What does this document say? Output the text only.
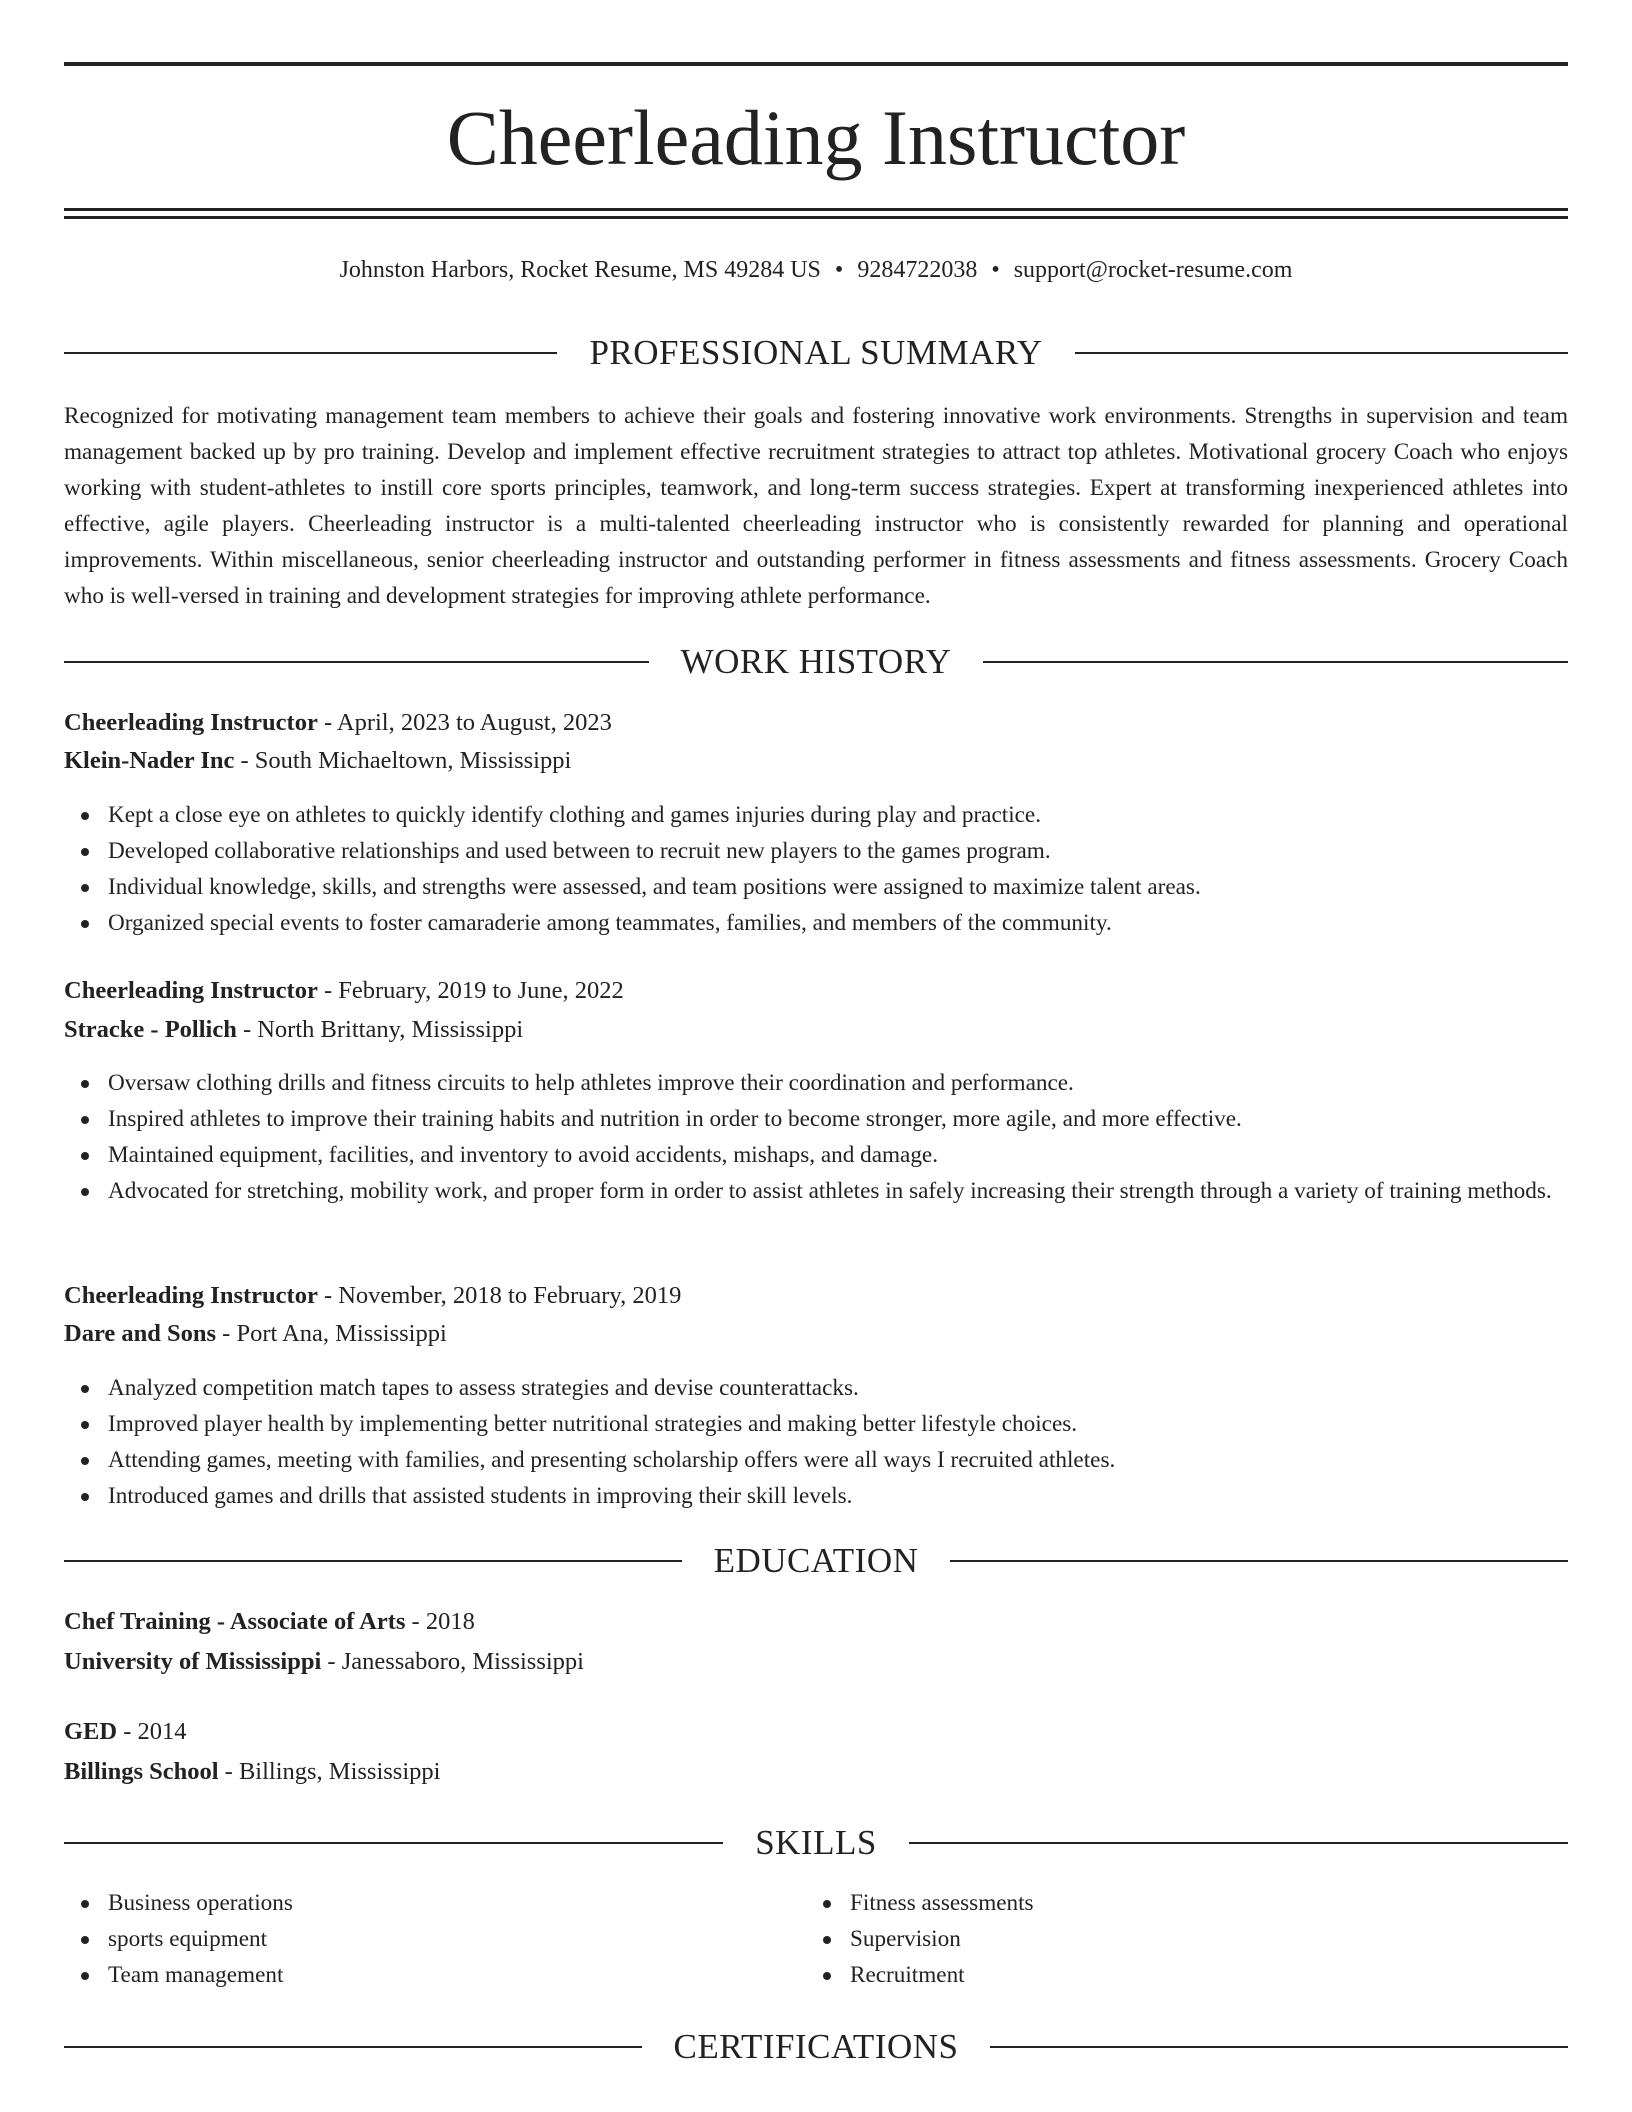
Cheerleading Instructor
Johnston Harbors, Rocket Resume, MS 49284 US • 9284722038 • support@rocket-resume.com
PROFESSIONAL SUMMARY
Recognized for motivating management team members to achieve their goals and fostering innovative work environments. Strengths in supervision and team management backed up by pro training. Develop and implement effective recruitment strategies to attract top athletes. Motivational grocery Coach who enjoys working with student-athletes to instill core sports principles, teamwork, and long-term success strategies. Expert at transforming inexperienced athletes into effective, agile players. Cheerleading instructor is a multi-talented cheerleading instructor who is consistently rewarded for planning and operational improvements. Within miscellaneous, senior cheerleading instructor and outstanding performer in fitness assessments and fitness assessments. Grocery Coach who is well-versed in training and development strategies for improving athlete performance.
WORK HISTORY
Cheerleading Instructor - April, 2023 to August, 2023
Klein-Nader Inc - South Michaeltown, Mississippi
Kept a close eye on athletes to quickly identify clothing and games injuries during play and practice.
Developed collaborative relationships and used between to recruit new players to the games program.
Individual knowledge, skills, and strengths were assessed, and team positions were assigned to maximize talent areas.
Organized special events to foster camaraderie among teammates, families, and members of the community.
Cheerleading Instructor - February, 2019 to June, 2022
Stracke - Pollich - North Brittany, Mississippi
Oversaw clothing drills and fitness circuits to help athletes improve their coordination and performance.
Inspired athletes to improve their training habits and nutrition in order to become stronger, more agile, and more effective.
Maintained equipment, facilities, and inventory to avoid accidents, mishaps, and damage.
Advocated for stretching, mobility work, and proper form in order to assist athletes in safely increasing their strength through a variety of training methods.
Cheerleading Instructor - November, 2018 to February, 2019
Dare and Sons - Port Ana, Mississippi
Analyzed competition match tapes to assess strategies and devise counterattacks.
Improved player health by implementing better nutritional strategies and making better lifestyle choices.
Attending games, meeting with families, and presenting scholarship offers were all ways I recruited athletes.
Introduced games and drills that assisted students in improving their skill levels.
EDUCATION
Chef Training - Associate of Arts - 2018
University of Mississippi - Janessaboro, Mississippi
GED - 2014
Billings School - Billings, Mississippi
SKILLS
Business operations
sports equipment
Team management
Fitness assessments
Supervision
Recruitment
CERTIFICATIONS
